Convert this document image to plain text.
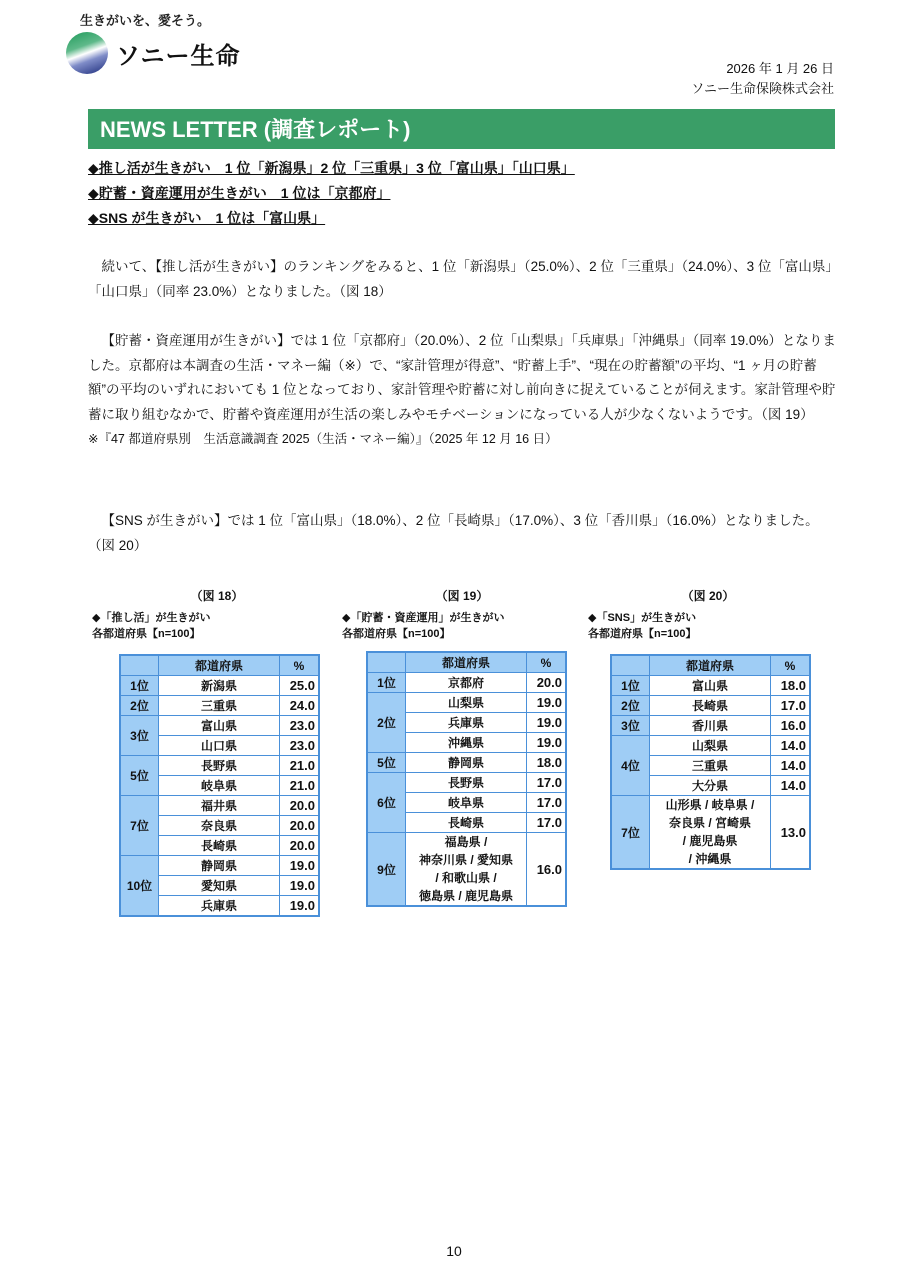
生きがいを、愛そう。
ソニー生命	2026 年 1 月 26 日
ソニー生命保険株式会社
NEWS LETTER (調査レポート)
◆推し活が生きがい　1 位「新潟県」2 位「三重県」3 位「富山県」「山口県」
◆貯蓄・資産運用が生きがい　1 位は「京都府」
◆SNS が生きがい　1 位は「富山県」

続いて、【推し活が生きがい】のランキングをみると、1 位「新潟県」（25.0%）、2 位「三重県」（24.0%）、3 位「富山県」「山口県」（同率 23.0%）となりました。（図 18）

【貯蓄・資産運用が生きがい】では 1 位「京都府」（20.0%）、2 位「山梨県」「兵庫県」「沖縄県」（同率 19.0%）となりました。京都府は本調査の生活・マネー編（※）で、“家計管理が得意”、“貯蓄上手”、“現在の貯蓄額”の平均、“1 ヶ月の貯蓄額”の平均のいずれにおいても 1 位となっており、家計管理や貯蓄に対し前向きに捉えていることが伺えます。家計管理や貯蓄に取り組むなかで、貯蓄や資産運用が生活の楽しみやモチベーションになっている人が少なくないようです。（図 19）

※『47 都道府県別　生活意識調査 2025（生活・マネー編）』（2025 年 12 月 16 日）

【SNS が生きがい】では 1 位「富山県」（18.0%）、2 位「長崎県」（17.0%）、3 位「香川県」（16.0%）となりました。（図 20）

（図 18）
◆「推し活」が生きがい
各都道府県【n=100】
	都道府県	%
1位	新潟県	25.0
2位	三重県	24.0
3位	富山県	23.0
	山口県	23.0
5位	長野県	21.0
	岐阜県	21.0
7位	福井県	20.0
	奈良県	20.0
	長崎県	20.0
10位	静岡県	19.0
	愛知県	19.0
	兵庫県	19.0
（図 19）
◆「貯蓄・資産運用」が生きがい
各都道府県【n=100】
	都道府県	%
1位	京都府	20.0
2位	山梨県	19.0
	兵庫県	19.0
	沖縄県	19.0
5位	静岡県	18.0
6位	長野県	17.0
	岐阜県	17.0
	長崎県	17.0
9位	福島県 /
神奈川県 / 愛知県
/ 和歌山県 /
徳島県 / 鹿児島県	16.0
（図 20）
◆「SNS」が生きがい
各都道府県【n=100】
	都道府県	%
1位	富山県	18.0
2位	長崎県	17.0
3位	香川県	16.0
4位	山梨県	14.0
	三重県	14.0
	大分県	14.0
7位	山形県 / 岐阜県 /
奈良県 / 宮崎県
/ 鹿児島県
/ 沖縄県	13.0
10
